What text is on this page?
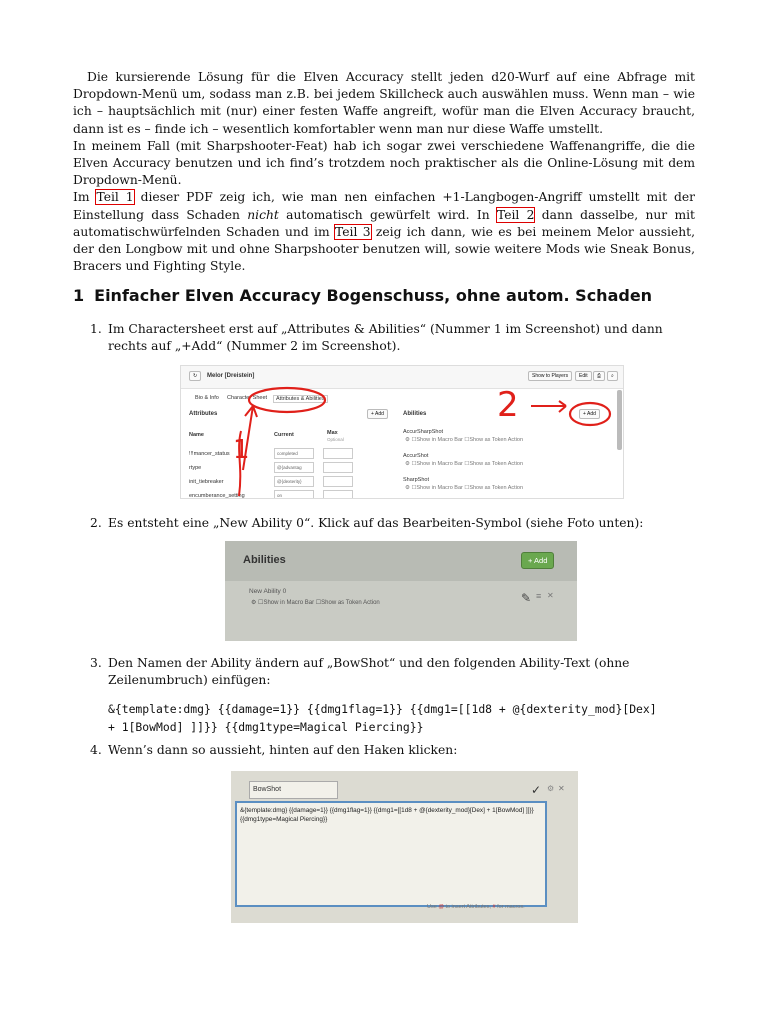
Die kursierende Lösung für die Elven Accuracy stellt jeden d20-Wurf auf eine Abfrage mit Dropdown-Menü um, sodass man z.B. bei jedem Skillcheck auch auswählen muss. Wenn man – wie ich – hauptsächlich mit (nur) einer festen Waffe angreift, wofür man die Elven Accuracy braucht, dann ist es – finde ich – wesentlich komfortabler wenn man nur diese Waffe umstellt.

In meinem Fall (mit Sharpshooter-Feat) hab ich sogar zwei verschiedene Waffenangriffe, die die Elven Accuracy benutzen und ich find’s trotzdem noch praktischer als die Online-Lösung mit dem Dropdown-Menü.

Im Teil 1 dieser PDF zeig ich, wie man nen einfachen +1-Langbogen-Angriff umstellt mit der Einstellung dass Schaden nicht automatisch gewürfelt wird. In Teil 2 dann dasselbe, nur mit automatischwürfelnden Schaden und im Teil 3 zeig ich dann, wie es bei meinem Melor aussieht, der den Longbow mit und ohne Sharpshooter benutzen will, sowie weitere Mods wie Sneak Bonus, Bracers und Fighting Style.

1 Einfacher Elven Accuracy Bogenschuss, ohne autom. Schaden
1. Im Charactersheet erst auf „Attributes & Abilities“ (Nummer 1 im Screenshot) und dann rechts auf „+Add“ (Nummer 2 im Screenshot).
↻	Melor [Dreistein]	Show to Players	Edit	⎙	⌕
Bio & Info Character Sheet	Attributes & Abilities
Attributes	+ Add	Abilities	+ Add
Name	Current	Max
Optional
!!!mancer_status	completed
rtype	@{advantag
init_tiebreaker	@{dexterity}
encumberance_setting	on
AccurSharpShot
⚙ ☐Show in Macro Bar ☐Show as Token Action
AccurShot
⚙ ☐Show in Macro Bar ☐Show as Token Action
SharpShot
⚙ ☐Show in Macro Bar ☐Show as Token Action
1
2
2. Es entsteht eine „New Ability 0“. Klick auf das Bearbeiten-Symbol (siehe Foto unten):
Abilities	+ Add
New Ability 0
⚙ ☐Show in Macro Bar ☐Show as Token Action	✎ ≡ ✕
3. Den Namen der Ability ändern auf „BowShot“ und den folgenden Ability-Text (ohne Zeilenumbruch) einfügen:
&{template:dmg} {{damage=1}} {{dmg1flag=1}} {{dmg1=[[1d8 + @{dexterity_mod}[Dex]
+ 1[BowMod] ]]}} {{dmg1type=Magical Piercing}}
4. Wenn’s dann so aussieht, hinten auf den Haken klicken:
BowShot	✓ ⚙ ✕
&{template:dmg} {{damage=1}} {{dmg1flag=1}} {{dmg1=[[1d8 + @{dexterity_mod}[Dex] + 1[BowMod] ]]}} {{dmg1type=Magical Piercing}}
Use @ to insert Attributes, # for macros.
